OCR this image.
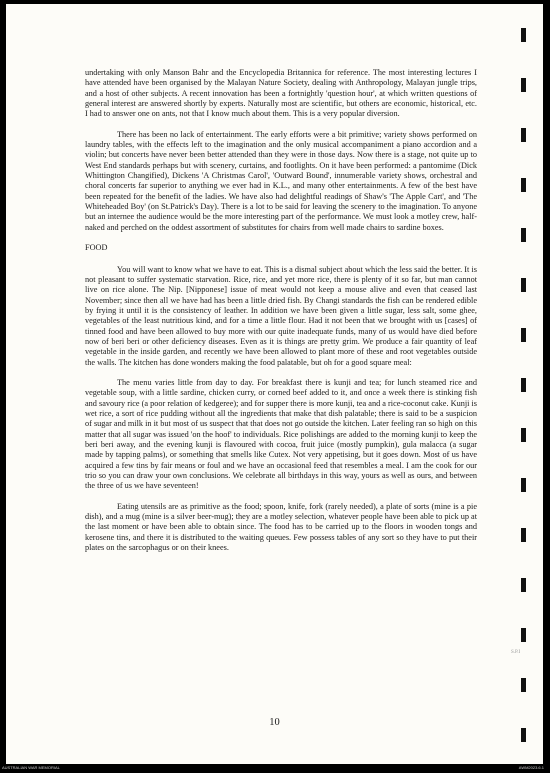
undertaking with only Manson Bahr and the Encyclopedia Britannica for reference. The most interesting lectures I have attended have been organised by the Malayan Nature Society, dealing with Anthropology, Malayan jungle trips, and a host of other subjects. A recent innovation has been a fortnightly 'question hour', at which written questions of general interest are answered shortly by experts. Naturally most are scientific, but others are economic, historical, etc. I had to answer one on ants, not that I know much about them. This is a very popular diversion.

There has been no lack of entertainment. The early efforts were a bit primitive; variety shows performed on laundry tables, with the effects left to the imagination and the only musical accompaniment a piano accordion and a violin; but concerts have never been better attended than they were in those days. Now there is a stage, not quite up to West End standards perhaps but with scenery, curtains, and footlights. On it have been performed: a pantomime (Dick Whittington Changified), Dickens 'A Christmas Carol', 'Outward Bound', innumerable variety shows, orchestral and choral concerts far superior to anything we ever had in K.L., and many other entertainments. A few of the best have been repeated for the benefit of the ladies. We have also had delightful readings of Shaw's 'The Apple Cart', and 'The Whiteheaded Boy' (on St.Patrick's Day). There is a lot to be said for leaving the scenery to the imagination. To anyone but an internee the audience would be the more interesting part of the performance. We must look a motley crew, half-naked and perched on the oddest assortment of substitutes for chairs from well made chairs to sardine boxes.

FOOD

You will want to know what we have to eat. This is a dismal subject about which the less said the better. It is not pleasant to suffer systematic starvation. Rice, rice, and yet more rice, there is plenty of it so far, but man cannot live on rice alone. The Nip. [Nipponese] issue of meat would not keep a mouse alive and even that ceased last November; since then all we have had has been a little dried fish. By Changi standards the fish can be rendered edible by frying it until it is the consistency of leather. In addition we have been given a little sugar, less salt, some ghee, vegetables of the least nutritious kind, and for a time a little flour. Had it not been that we brought with us [cases] of tinned food and have been allowed to buy more with our quite inadequate funds, many of us would have died before now of beri beri or other deficiency diseases. Even as it is things are pretty grim. We produce a fair quantity of leaf vegetable in the inside garden, and recently we have been allowed to plant more of these and root vegetables outside the walls. The kitchen has done wonders making the food palatable, but oh for a good square meal:

The menu varies little from day to day. For breakfast there is kunji and tea; for lunch steamed rice and vegetable soup, with a little sardine, chicken curry, or corned beef added to it, and once a week there is stinking fish and savoury rice (a poor relation of kedgeree); and for supper there is more kunji, tea and a rice-coconut cake. Kunji is wet rice, a sort of rice pudding without all the ingredients that make that dish palatable; there is said to be a suspicion of sugar and milk in it but most of us suspect that that does not go outside the kitchen. Later feeling ran so high on this matter that all sugar was issued 'on the hoof' to individuals. Rice polishings are added to the morning kunji to keep the beri beri away, and the evening kunji is flavoured with cocoa, fruit juice (mostly pumpkin), gula malacca (a sugar made by tapping palms), or something that smells like Cutex. Not very appetising, but it goes down. Most of us have acquired a few tins by fair means or foul and we have an occasional feed that resembles a meal. I am the cook for our trio so you can draw your own conclusions. We celebrate all birthdays in this way, yours as well as ours, and between the three of us we have seventeen!

Eating utensils are as primitive as the food; spoon, knife, fork (rarely needed), a plate of sorts (mine is a pie dish), and a mug (mine is a silver beer-mug); they are a motley selection, whatever people have been able to pick up at the last moment or have been able to obtain since. The food has to be carried up to the floors in wooden tongs and kerosene tins, and there it is distributed to the waiting queues. Few possess tables of any sort so they have to put their plates on the sarcophagus or on their knees.

10
S.P.I
AUSTRALIAN WAR MEMORIAL	AWM2023.6.1
